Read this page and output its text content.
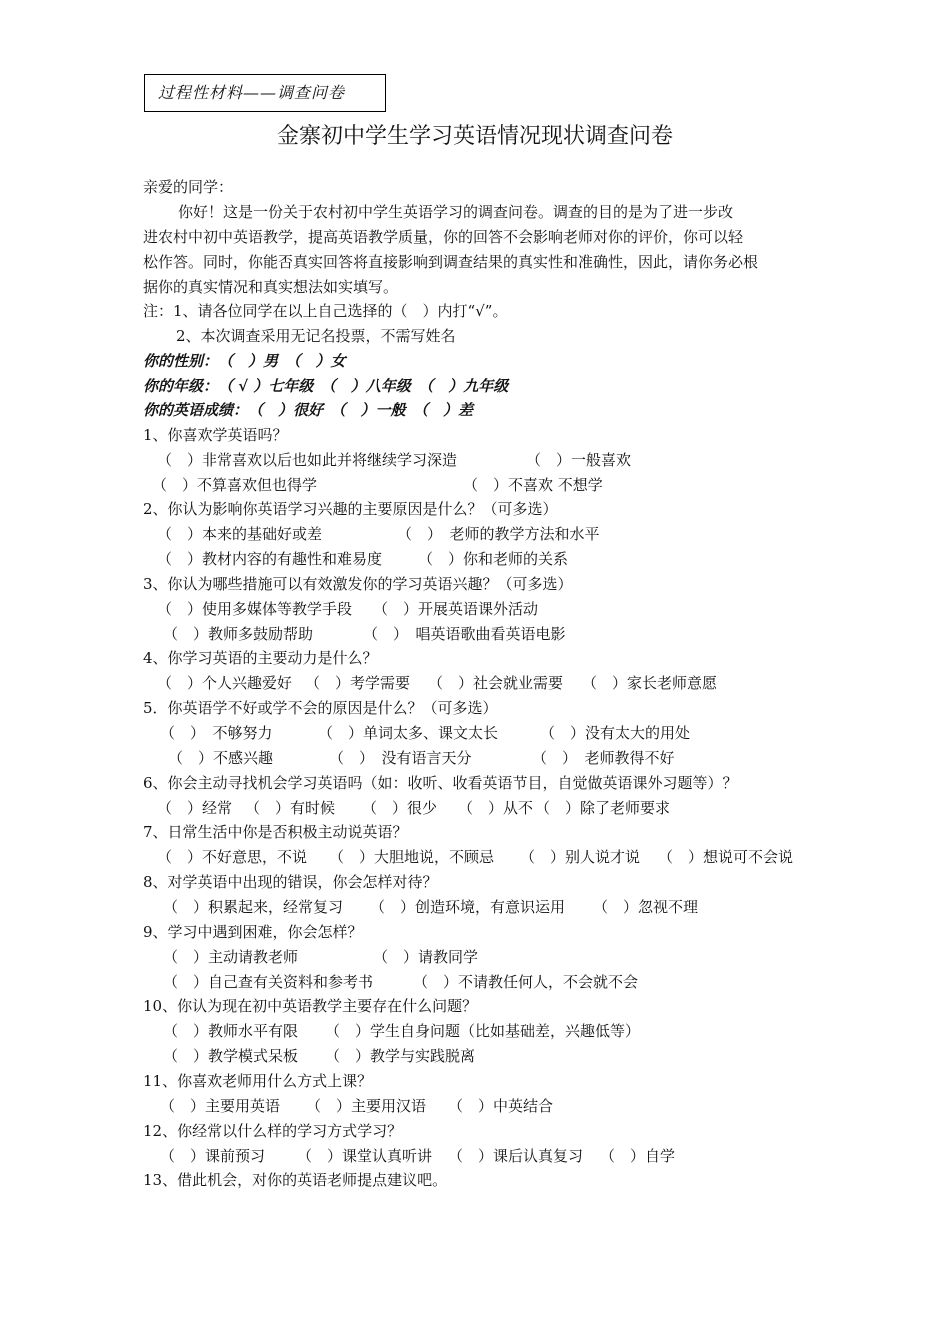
过程性材料——调查问卷
金寨初中学生学习英语情况现状调查问卷
亲爱的同学：
你好！这是一份关于农村初中学生英语学习的调查问卷。调查的目的是为了进一步改
进农村中初中英语教学，提高英语教学质量，你的回答不会影响老师对你的评价，你可以轻
松作答。同时，你能否真实回答将直接影响到调查结果的真实性和准确性，因此，请你务必根
据你的真实情况和真实想法如实填写。
注：1、请各位同学在以上自己选择的（　）内打“√”。
2、本次调查采用无记名投票，不需写姓名
你的性别：　（　）男　（　）女
你的年级：　（ √ ）七年级　（　）八年级　（　）九年级
你的英语成绩：　（　）很好　（　）一般　（　）差
1、你喜欢学英语吗？
（　）非常喜欢以后也如此并将继续学习深造	（　）一般喜欢
（　）不算喜欢但也得学	（　）不喜欢 不想学
2、你认为影响你英语学习兴趣的主要原因是什么？（可多选）
（　）本来的基础好或差	（　）　老师的教学方法和水平
（　）教材内容的有趣性和难易度 （　）你和老师的关系
3、你认为哪些措施可以有效激发你的学习英语兴趣？（可多选）
（　）使用多媒体等教学手段 （　）开展英语课外活动
（　）教师多鼓励帮助	（　）　唱英语歌曲看英语电影
4、你学习英语的主要动力是什么？
（　）个人兴趣爱好 （　）考学需要 （　）社会就业需要 （　）家长老师意愿
5．你英语学不好或学不会的原因是什么？（可多选）
（　）　不够努力	（　）单词太多、课文太长	（　）没有太大的用处
（　）不感兴趣	（　）　没有语言天分	（　）　老师教得不好
6、你会主动寻找机会学习英语吗（如：收听、收看英语节目，自觉做英语课外习题等）？
（　）经常 （　）有时候 （　）很少 （　）从不 （　）除了老师要求
7、日常生活中你是否积极主动说英语？
（　）不好意思，不说 （　）大胆地说，不顾忌 （　）别人说才说 （　）想说可不会说
8、对学英语中出现的错误，你会怎样对待？
（　）积累起来，经常复习 （　）创造环境，有意识运用 （　）忽视不理
9、学习中遇到困难，你会怎样？
（　）主动请教老师	（　）请教同学
（　）自己查有关资料和参考书	（　）不请教任何人，不会就不会
10、你认为现在初中英语教学主要存在什么问题？
（　）教师水平有限 （　）学生自身问题（比如基础差，兴趣低等）
（　）教学模式呆板 （　）教学与实践脱离
11、你喜欢老师用什么方式上课？
（　）主要用英语 （　）主要用汉语 （　）中英结合
12、你经常以什么样的学习方式学习？
（　）课前预习 （　）课堂认真听讲 （　）课后认真复习 （　）自学
13、借此机会，对你的英语老师提点建议吧。
